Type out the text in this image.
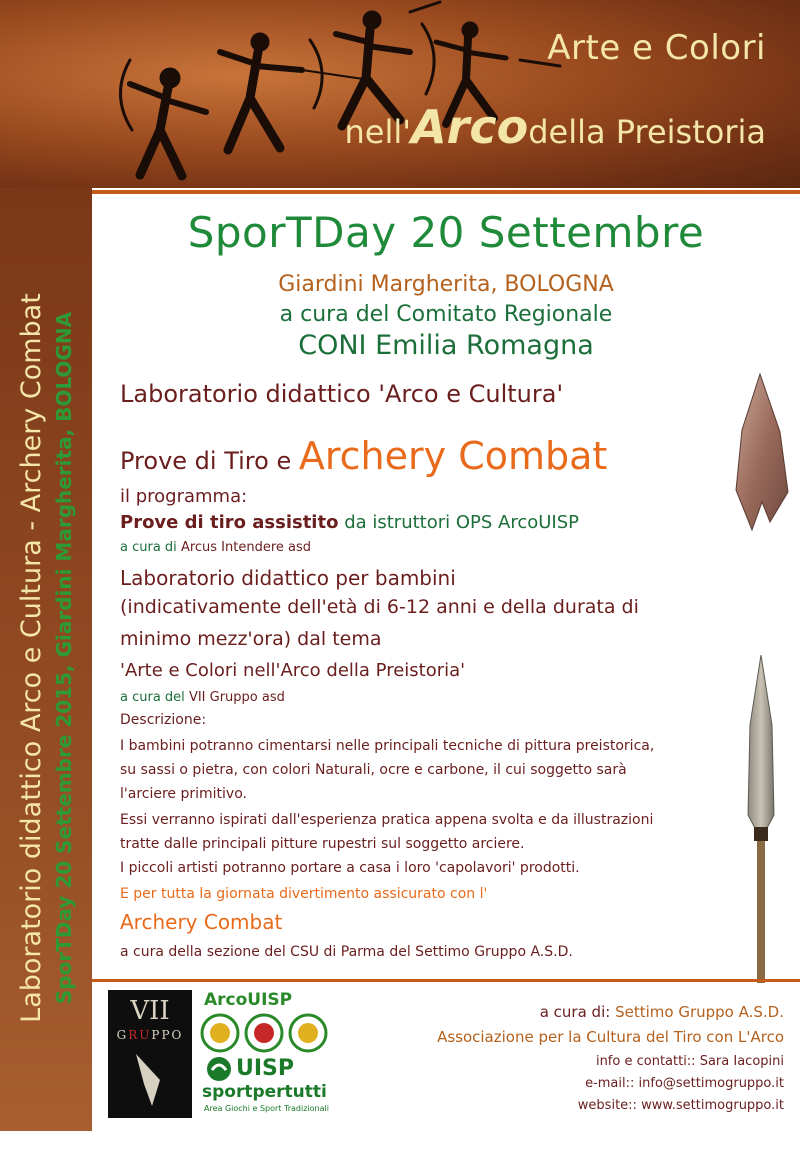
Arte e Colori
nell'Arcodella Preistoria
Laboratorio didattico Arco e Cultura - Archery Combat SporTDay 20 Settembre 2015, Giardini Margherita, BOLOGNA
SporTDay 20 Settembre
Giardini Margherita, BOLOGNA
a cura del Comitato Regionale
CONI Emilia Romagna
Laboratorio didattico 'Arco e Cultura'
Prove di Tiro e Archery Combat
il programma:
Prove di tiro assistito da istruttori OPS ArcoUISP
a cura di Arcus Intendere asd
Laboratorio didattico per bambini
(indicativamente dell'età di 6-12 anni e della durata di
minimo mezz'ora) dal tema
'Arte e Colori nell'Arco della Preistoria'
a cura del VII Gruppo asd
Descrizione:
I bambini potranno cimentarsi nelle principali tecniche di pittura preistorica,
su sassi o pietra, con colori Naturali, ocre e carbone, il cui soggetto sarà
l'arciere primitivo.
Essi verranno ispirati dall'esperienza pratica appena svolta e da illustrazioni
tratte dalle principali pitture rupestri sul soggetto arciere.
I piccoli artisti potranno portare a casa i loro 'capolavori' prodotti.
E per tutta la giornata divertimento assicurato con l'
Archery Combat
a cura della sezione del CSU di Parma del Settimo Gruppo A.S.D.
VII
GRUPPO
ArcoUISP
UISP
sportpertutti
Area Giochi e Sport Tradizionali
a cura di: Settimo Gruppo A.S.D.
Associazione per la Cultura del Tiro con L'Arco
info e contatti:: Sara Iacopini
e-mail:: info@settimogruppo.it
website:: www.settimogruppo.it
